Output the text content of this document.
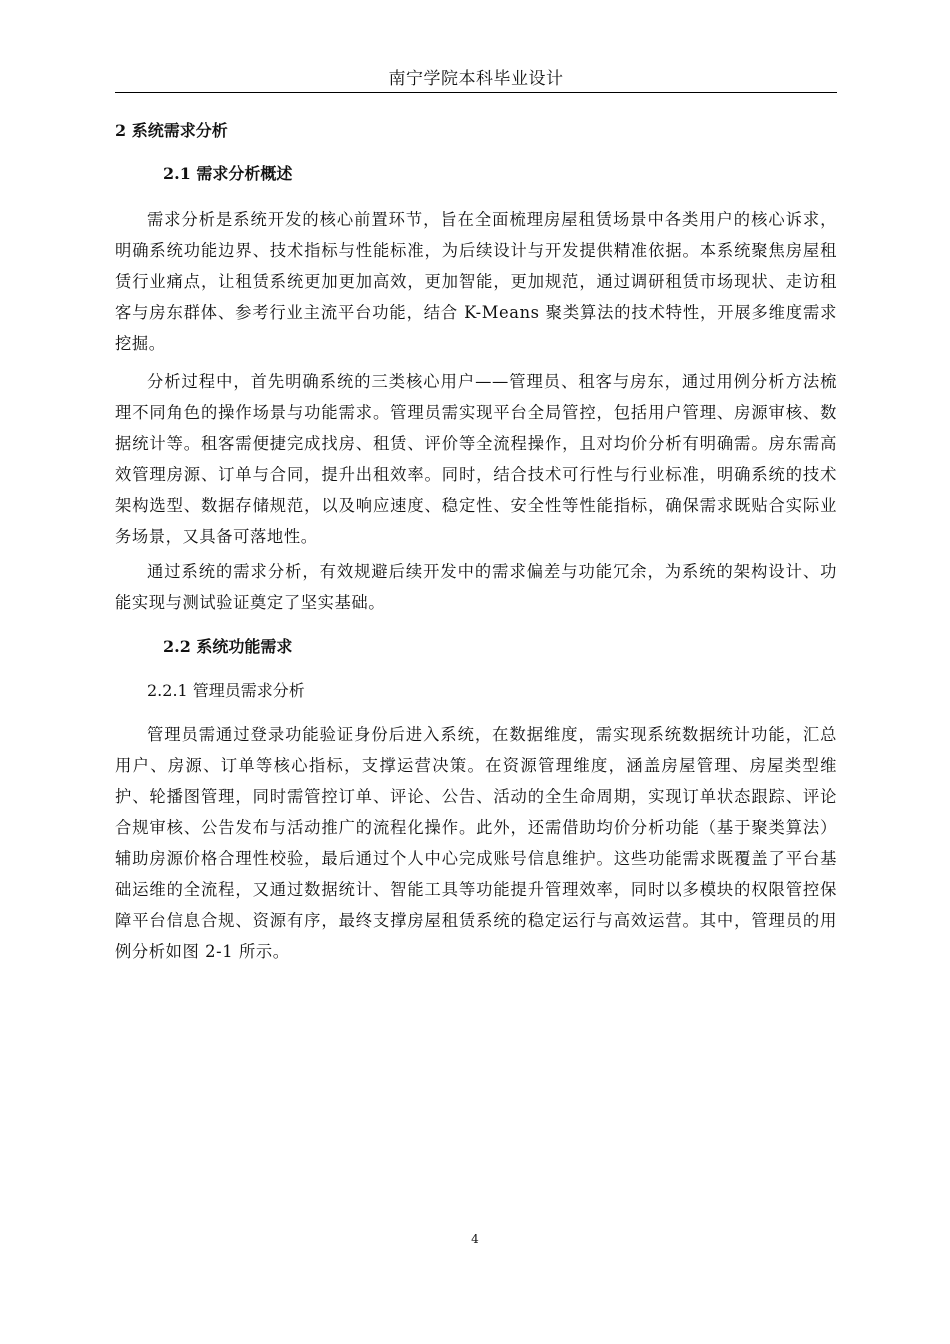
南宁学院本科毕业设计
2 系统需求分析
2.1 需求分析概述
需求分析是系统开发的核心前置环节，旨在全面梳理房屋租赁场景中各类用户的核心诉求，明确系统功能边界、技术指标与性能标准，为后续设计与开发提供精准依据。本系统聚焦房屋租赁行业痛点，让租赁系统更加更加高效，更加智能，更加规范，通过调研租赁市场现状、走访租客与房东群体、参考行业主流平台功能，结合 K-Means 聚类算法的技术特性，开展多维度需求挖掘。
分析过程中，首先明确系统的三类核心用户——管理员、租客与房东，通过用例分析方法梳理不同角色的操作场景与功能需求。管理员需实现平台全局管控，包括用户管理、房源审核、数据统计等。租客需便捷完成找房、租赁、评价等全流程操作，且对均价分析有明确需。房东需高效管理房源、订单与合同，提升出租效率。同时，结合技术可行性与行业标准，明确系统的技术架构选型、数据存储规范，以及响应速度、稳定性、安全性等性能指标，确保需求既贴合实际业务场景，又具备可落地性。
通过系统的需求分析，有效规避后续开发中的需求偏差与功能冗余，为系统的架构设计、功能实现与测试验证奠定了坚实基础。
2.2 系统功能需求
2.2.1 管理员需求分析
管理员需通过登录功能验证身份后进入系统，在数据维度，需实现系统数据统计功能，汇总用户、房源、订单等核心指标，支撑运营决策。在资源管理维度，涵盖房屋管理、房屋类型维护、轮播图管理，同时需管控订单、评论、公告、活动的全生命周期，实现订单状态跟踪、评论合规审核、公告发布与活动推广的流程化操作。此外，还需借助均价分析功能（基于聚类算法）辅助房源价格合理性校验，最后通过个人中心完成账号信息维护。这些功能需求既覆盖了平台基础运维的全流程，又通过数据统计、智能工具等功能提升管理效率，同时以多模块的权限管控保障平台信息合规、资源有序，最终支撑房屋租赁系统的稳定运行与高效运营。其中，管理员的用例分析如图 2-1 所示。
4
